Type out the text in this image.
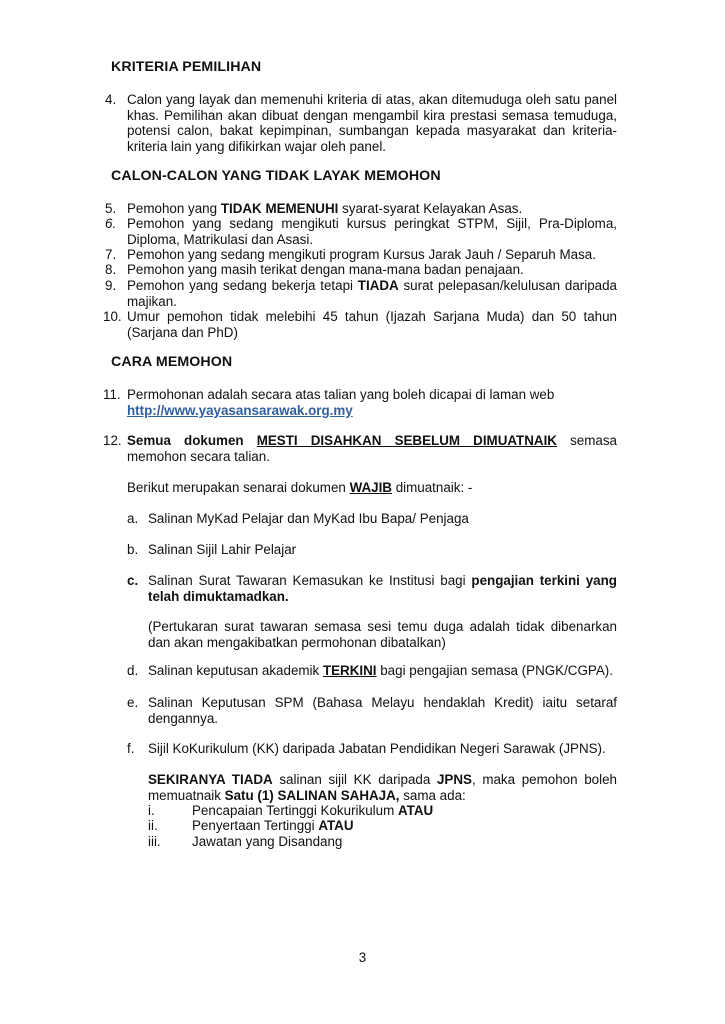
KRITERIA PEMILIHAN
4. Calon yang layak dan memenuhi kriteria di atas, akan ditemuduga oleh satu panel khas. Pemilihan akan dibuat dengan mengambil kira prestasi semasa temuduga, potensi calon, bakat kepimpinan, sumbangan kepada masyarakat dan kriteria-kriteria lain yang difikirkan wajar oleh panel.
CALON-CALON YANG TIDAK LAYAK MEMOHON
5. Pemohon yang TIDAK MEMENUHI syarat-syarat Kelayakan Asas.
6. Pemohon yang sedang mengikuti kursus peringkat STPM, Sijil, Pra-Diploma, Diploma, Matrikulasi dan Asasi.
7. Pemohon yang sedang mengikuti program Kursus Jarak Jauh / Separuh Masa.
8. Pemohon yang masih terikat dengan mana-mana badan penajaan.
9. Pemohon yang sedang bekerja tetapi TIADA surat pelepasan/kelulusan daripada majikan.
10. Umur pemohon tidak melebihi 45 tahun (Ijazah Sarjana Muda) dan 50 tahun (Sarjana dan PhD)
CARA MEMOHON
11. Permohonan adalah secara atas talian yang boleh dicapai di laman web
http://www.yayasansarawak.org.my
12. Semua dokumen MESTI DISAHKAN SEBELUM DIMUATNAIK semasa memohon secara talian.
Berikut merupakan senarai dokumen WAJIB dimuatnaik: -
a. Salinan MyKad Pelajar dan MyKad Ibu Bapa/ Penjaga
b. Salinan Sijil Lahir Pelajar
c. Salinan Surat Tawaran Kemasukan ke Institusi bagi pengajian terkini yang telah dimuktamadkan.
(Pertukaran surat tawaran semasa sesi temu duga adalah tidak dibenarkan dan akan mengakibatkan permohonan dibatalkan)
d. Salinan keputusan akademik TERKINI bagi pengajian semasa (PNGK/CGPA).
e. Salinan Keputusan SPM (Bahasa Melayu hendaklah Kredit) iaitu setaraf dengannya.
f. Sijil KoKurikulum (KK) daripada Jabatan Pendidikan Negeri Sarawak (JPNS).
SEKIRANYA TIADA salinan sijil KK daripada JPNS, maka pemohon boleh memuatnaik Satu (1) SALINAN SAHAJA, sama ada:
i.	Pencapaian Tertinggi Kokurikulum ATAU
ii.	Penyertaan Tertinggi ATAU
iii. Jawatan yang Disandang
3
